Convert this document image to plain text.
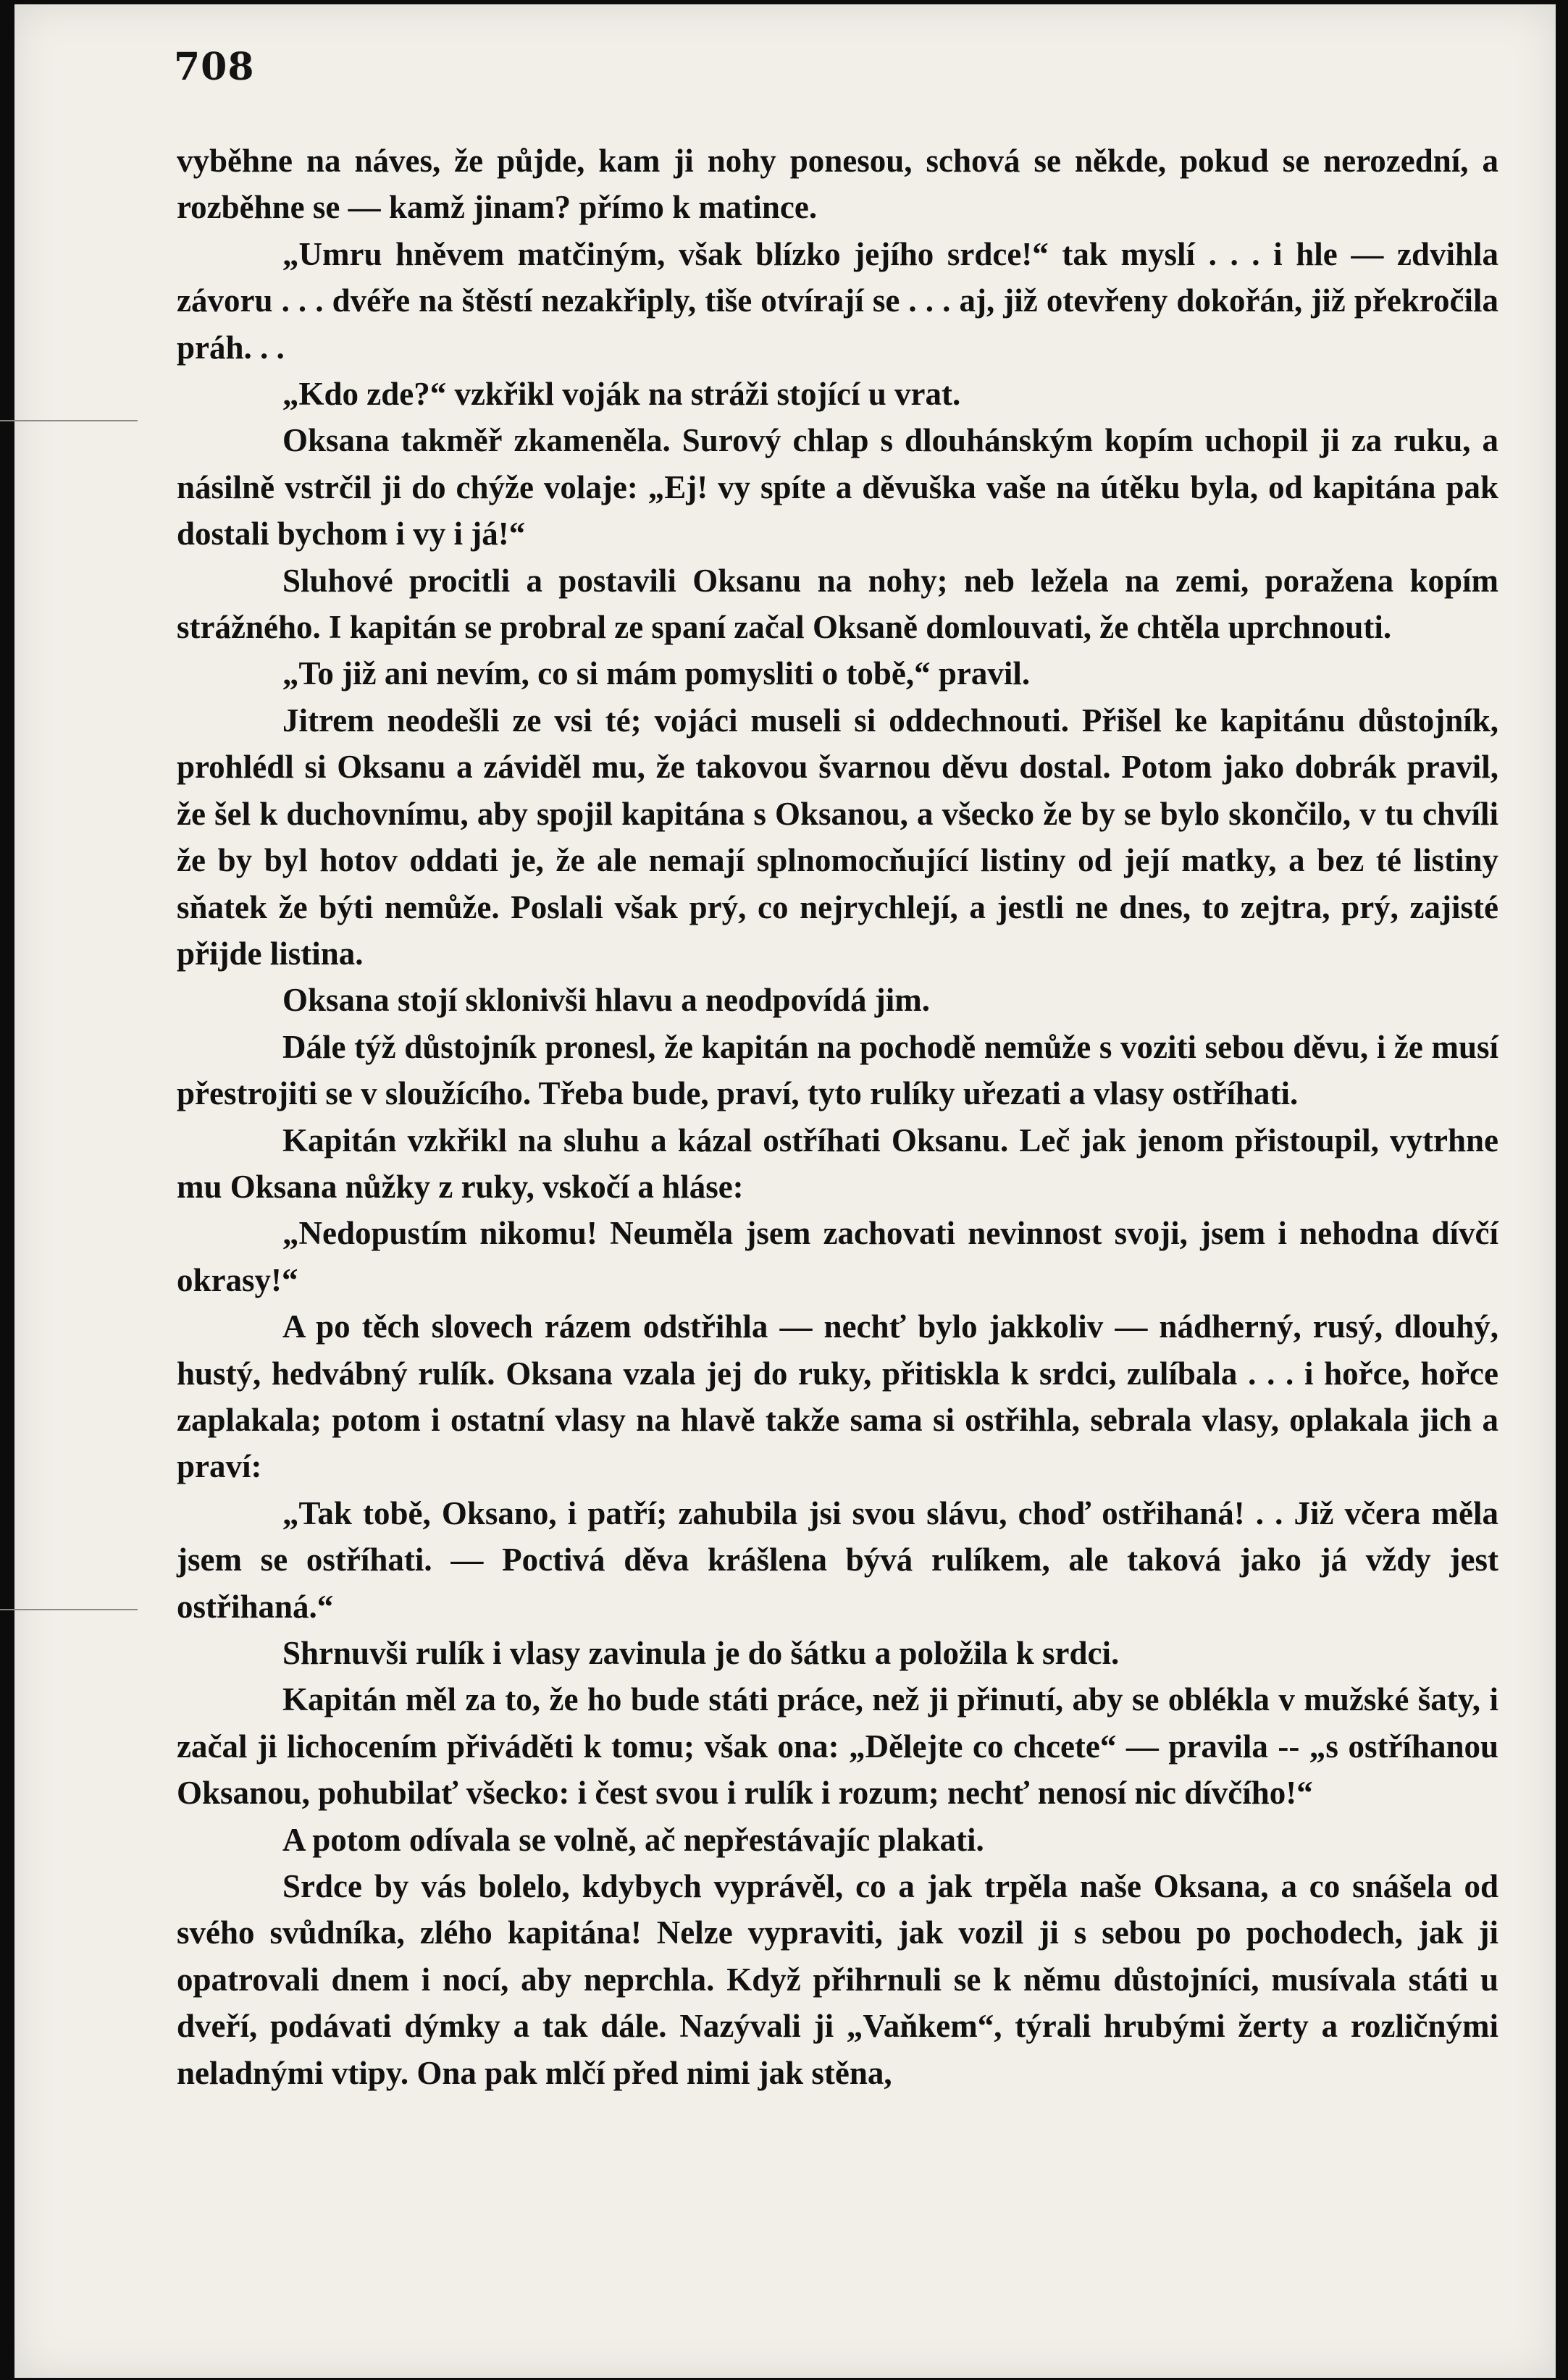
708

vyběhne na náves, že půjde, kam ji nohy ponesou, schová se někde, pokud se nerozední, a rozběhne se — kamž jinam? přímo k matince.

„Umru hněvem matčiným, však blízko jejího srdce!“ tak myslí . . . i hle — zdvihla závoru . . . dvéře na štěstí nezakřiply, tiše otvírají se . . . aj, již otevřeny dokořán, již překročila práh. . .

„Kdo zde?“ vzkřikl voják na stráži stojící u vrat.

Oksana takměř zkameněla. Surový chlap s dlouhánským kopím uchopil ji za ruku, a násilně vstrčil ji do chýže volaje: „Ej! vy spíte a děvuška vaše na útěku byla, od kapitána pak dostali bychom i vy i já!“

Sluhové procitli a postavili Oksanu na nohy; neb ležela na zemi, poražena kopím strážného. I kapitán se probral ze spaní začal Oksaně domlouvati, že chtěla uprchnouti.

„To již ani nevím, co si mám pomysliti o tobě,“ pravil.

Jitrem neodešli ze vsi té; vojáci museli si oddechnouti. Přišel ke kapitánu důstojník, prohlédl si Oksanu a záviděl mu, že takovou švarnou děvu dostal. Potom jako dobrák pravil, že šel k duchovnímu, aby spojil kapitána s Oksanou, a všecko že by se bylo skončilo, v tu chvíli že by byl hotov oddati je, že ale nemají splnomocňující listiny od její matky, a bez té listiny sňatek že býti nemůže. Poslali však prý, co nejrychlejí, a jestli ne dnes, to zejtra, prý, zajisté přijde listina.

Oksana stojí sklonivši hlavu a neodpovídá jim.

Dále týž důstojník pronesl, že kapitán na pochodě nemůže s voziti sebou děvu, i že musí přestrojiti se v sloužícího. Třeba bude, praví, tyto rulíky uřezati a vlasy ostříhati.

Kapitán vzkřikl na sluhu a kázal ostříhati Oksanu. Leč jak jenom přistoupil, vytrhne mu Oksana nůžky z ruky, vskočí a hláse:

„Nedopustím nikomu! Neuměla jsem zachovati nevinnost svoji, jsem i nehodna dívčí okrasy!“

A po těch slovech rázem odstřihla — nechť bylo jakkoliv — nádherný, rusý, dlouhý, hustý, hedvábný rulík. Oksana vzala jej do ruky, přitiskla k srdci, zulíbala . . . i hořce, hořce zaplakala; potom i ostatní vlasy na hlavě takže sama si ostřihla, sebrala vlasy, oplakala jich a praví:

„Tak tobě, Oksano, i patří; zahubila jsi svou slávu, choď ostřihaná! . . Již včera měla jsem se ostříhati. — Poctivá děva krášlena bývá rulíkem, ale taková jako já vždy jest ostřihaná.“

Shrnuvši rulík i vlasy zavinula je do šátku a položila k srdci.

Kapitán měl za to, že ho bude státi práce, než ji přinutí, aby se oblékla v mužské šaty, i začal ji lichocením přiváděti k tomu; však ona: „Dělejte co chcete“ — pravila -- „s ostříhanou Oksanou, pohubilať všecko: i čest svou i rulík i rozum; nechť nenosí nic dívčího!“

A potom odívala se volně, ač nepřestávajíc plakati.

Srdce by vás bolelo, kdybych vyprávěl, co a jak trpěla naše Oksana, a co snášela od svého svůdníka, zlého kapitána! Nelze vypraviti, jak vozil ji s sebou po pochodech, jak ji opatrovali dnem i nocí, aby neprchla. Když přihrnuli se k němu důstojníci, musívala státi u dveří, podávati dýmky a tak dále. Nazývali ji „Vaňkem“, týrali hrubými žerty a rozličnými neladnými vtipy. Ona pak mlčí před nimi jak stěna,
